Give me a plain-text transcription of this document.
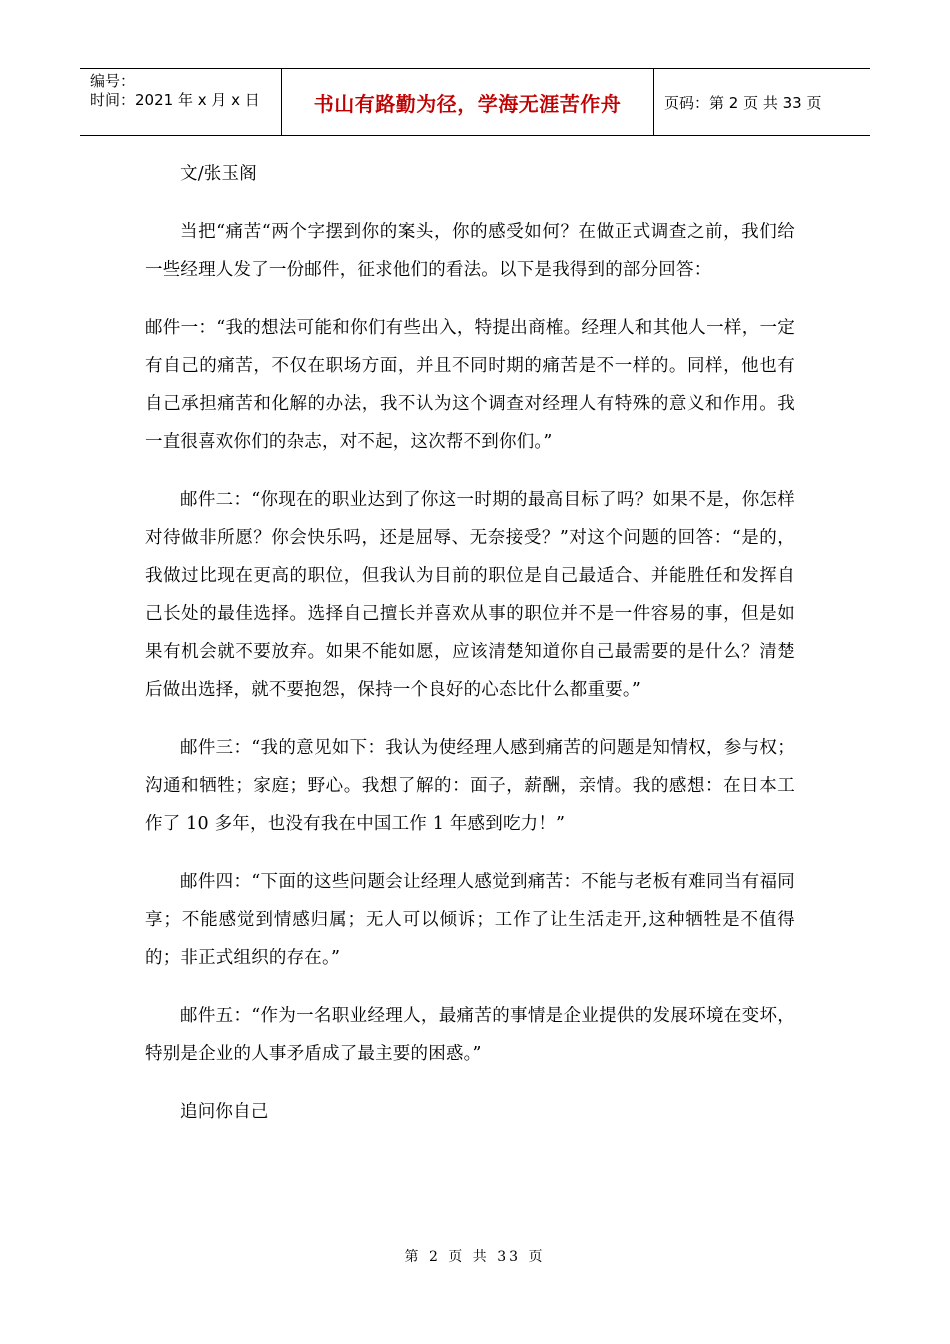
编号：
时间：2021 年 x 月 x 日	书山有路勤为径，学海无涯苦作舟	页码：第 2 页 共 33 页

文/张玉阁

当把“痛苦“两个字摆到你的案头，你的感受如何？在做正式调查之前，我们给一些经理人发了一份邮件，征求他们的看法。以下是我得到的部分回答：

邮件一：“我的想法可能和你们有些出入，特提出商榷。经理人和其他人一样，一定有自己的痛苦，不仅在职场方面，并且不同时期的痛苦是不一样的。同样，他也有自己承担痛苦和化解的办法，我不认为这个调查对经理人有特殊的意义和作用。我一直很喜欢你们的杂志，对不起，这次帮不到你们。”

邮件二：“你现在的职业达到了你这一时期的最高目标了吗？如果不是，你怎样对待做非所愿？你会快乐吗，还是屈辱、无奈接受？”对这个问题的回答：“是的，我做过比现在更高的职位，但我认为目前的职位是自己最适合、并能胜任和发挥自己长处的最佳选择。选择自己擅长并喜欢从事的职位并不是一件容易的事，但是如果有机会就不要放弃。如果不能如愿，应该清楚知道你自己最需要的是什么？清楚后做出选择，就不要抱怨，保持一个良好的心态比什么都重要。”

邮件三：“我的意见如下：我认为使经理人感到痛苦的问题是知情权，参与权；沟通和牺牲；家庭；野心。我想了解的：面子，薪酬，亲情。我的感想：在日本工作了 10 多年，也没有我在中国工作 1 年感到吃力！”

邮件四：“下面的这些问题会让经理人感觉到痛苦：不能与老板有难同当有福同享；不能感觉到情感归属；无人可以倾诉；工作了让生活走开,这种牺牲是不值得的；非正式组织的存在。”

邮件五：“作为一名职业经理人，最痛苦的事情是企业提供的发展环境在变坏，特别是企业的人事矛盾成了最主要的困惑。”

追问你自己

第 2 页 共 33 页
